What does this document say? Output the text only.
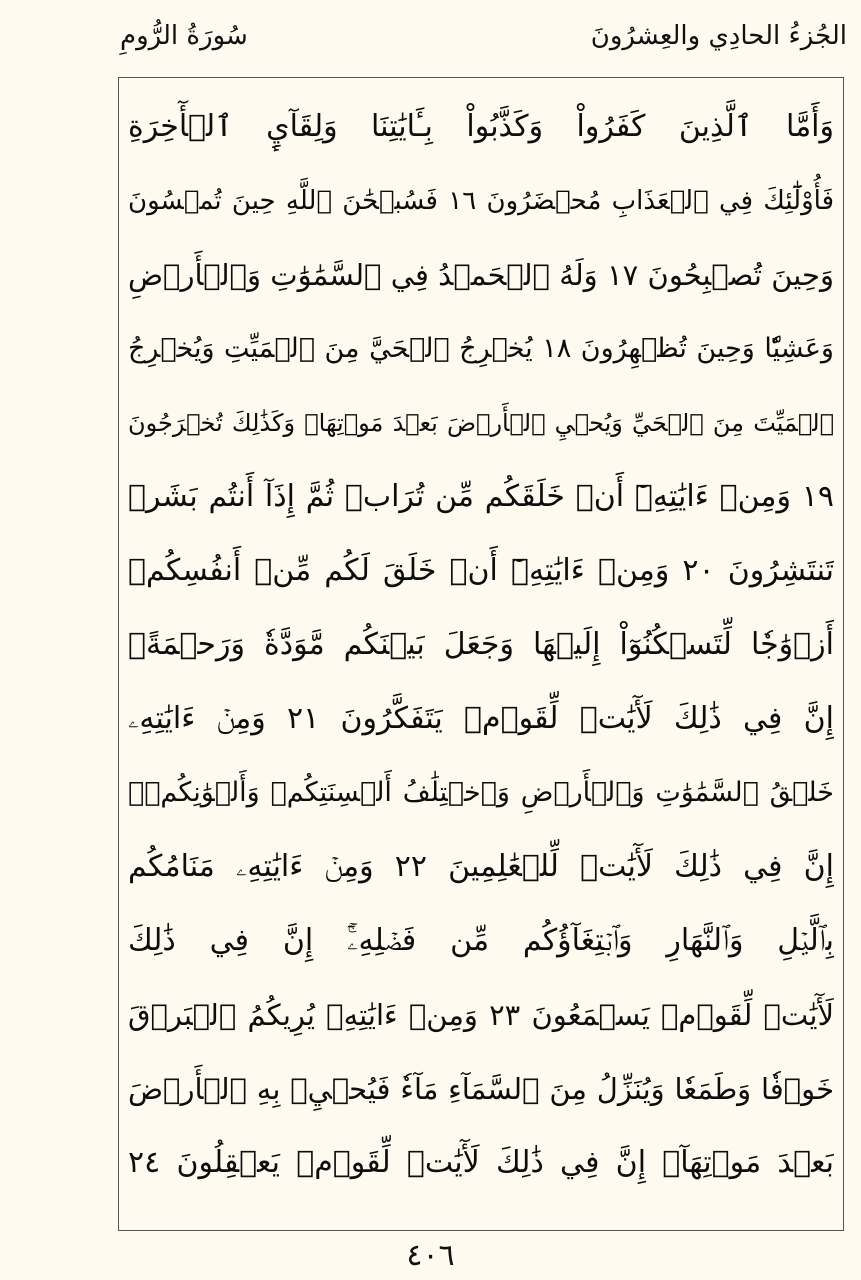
الجُزءُ الحادِي والعِشرُونَ
سُورَةُ الرُّومِ
وَأَمَّا ٱلَّذِينَ كَفَرُواْ وَكَذَّبُواْ بِـَٔايَٰتِنَا وَلِقَآيِٕ ٱلۡأٓخِرَةِ
فَأُوْلَٰٓئِكَ فِي ٱلۡعَذَابِ مُحۡضَرُونَ ١٦ فَسُبۡحَٰنَ ٱللَّهِ حِينَ تُمۡسُونَ
وَحِينَ تُصۡبِحُونَ ١٧ وَلَهُ ٱلۡحَمۡدُ فِي ٱلسَّمَٰوَٰتِ وَٱلۡأَرۡضِ
وَعَشِيّٗا وَحِينَ تُظۡهِرُونَ ١٨ يُخۡرِجُ ٱلۡحَيَّ مِنَ ٱلۡمَيِّتِ وَيُخۡرِجُ
ٱلۡمَيِّتَ مِنَ ٱلۡحَيِّ وَيُحۡيِ ٱلۡأَرۡضَ بَعۡدَ مَوۡتِهَاۚ وَكَذَٰلِكَ تُخۡرَجُونَ
١٩ وَمِنۡ ءَايَٰتِهِۦٓ أَنۡ خَلَقَكُم مِّن تُرَابٖ ثُمَّ إِذَآ أَنتُم بَشَرٞ
تَنتَشِرُونَ ٢٠ وَمِنۡ ءَايَٰتِهِۦٓ أَنۡ خَلَقَ لَكُم مِّنۡ أَنفُسِكُمۡ
أَزۡوَٰجٗا لِّتَسۡكُنُوٓاْ إِلَيۡهَا وَجَعَلَ بَيۡنَكُم مَّوَدَّةٗ وَرَحۡمَةًۚ
إِنَّ فِي ذَٰلِكَ لَأٓيَٰتٖ لِّقَوۡمٖ يَتَفَكَّرُونَ ٢١ وَمِنۡ ءَايَٰتِهِۦ
خَلۡقُ ٱلسَّمَٰوَٰتِ وَٱلۡأَرۡضِ وَٱخۡتِلَٰفُ أَلۡسِنَتِكُمۡ وَأَلۡوَٰنِكُمۡۚ
إِنَّ فِي ذَٰلِكَ لَأٓيَٰتٖ لِّلۡعَٰلِمِينَ ٢٢ وَمِنۡ ءَايَٰتِهِۦ مَنَامُكُم
بِٱلَّيۡلِ وَٱلنَّهَارِ وَٱبۡتِغَآؤُكُم مِّن فَضۡلِهِۦٓۚ إِنَّ فِي ذَٰلِكَ
لَأٓيَٰتٖ لِّقَوۡمٖ يَسۡمَعُونَ ٢٣ وَمِنۡ ءَايَٰتِهِۦ يُرِيكُمُ ٱلۡبَرۡقَ
خَوۡفٗا وَطَمَعٗا وَيُنَزِّلُ مِنَ ٱلسَّمَآءِ مَآءٗ فَيُحۡيِۦ بِهِ ٱلۡأَرۡضَ
بَعۡدَ مَوۡتِهَآۚ إِنَّ فِي ذَٰلِكَ لَأٓيَٰتٖ لِّقَوۡمٖ يَعۡقِلُونَ ٢٤
٤٠٦
